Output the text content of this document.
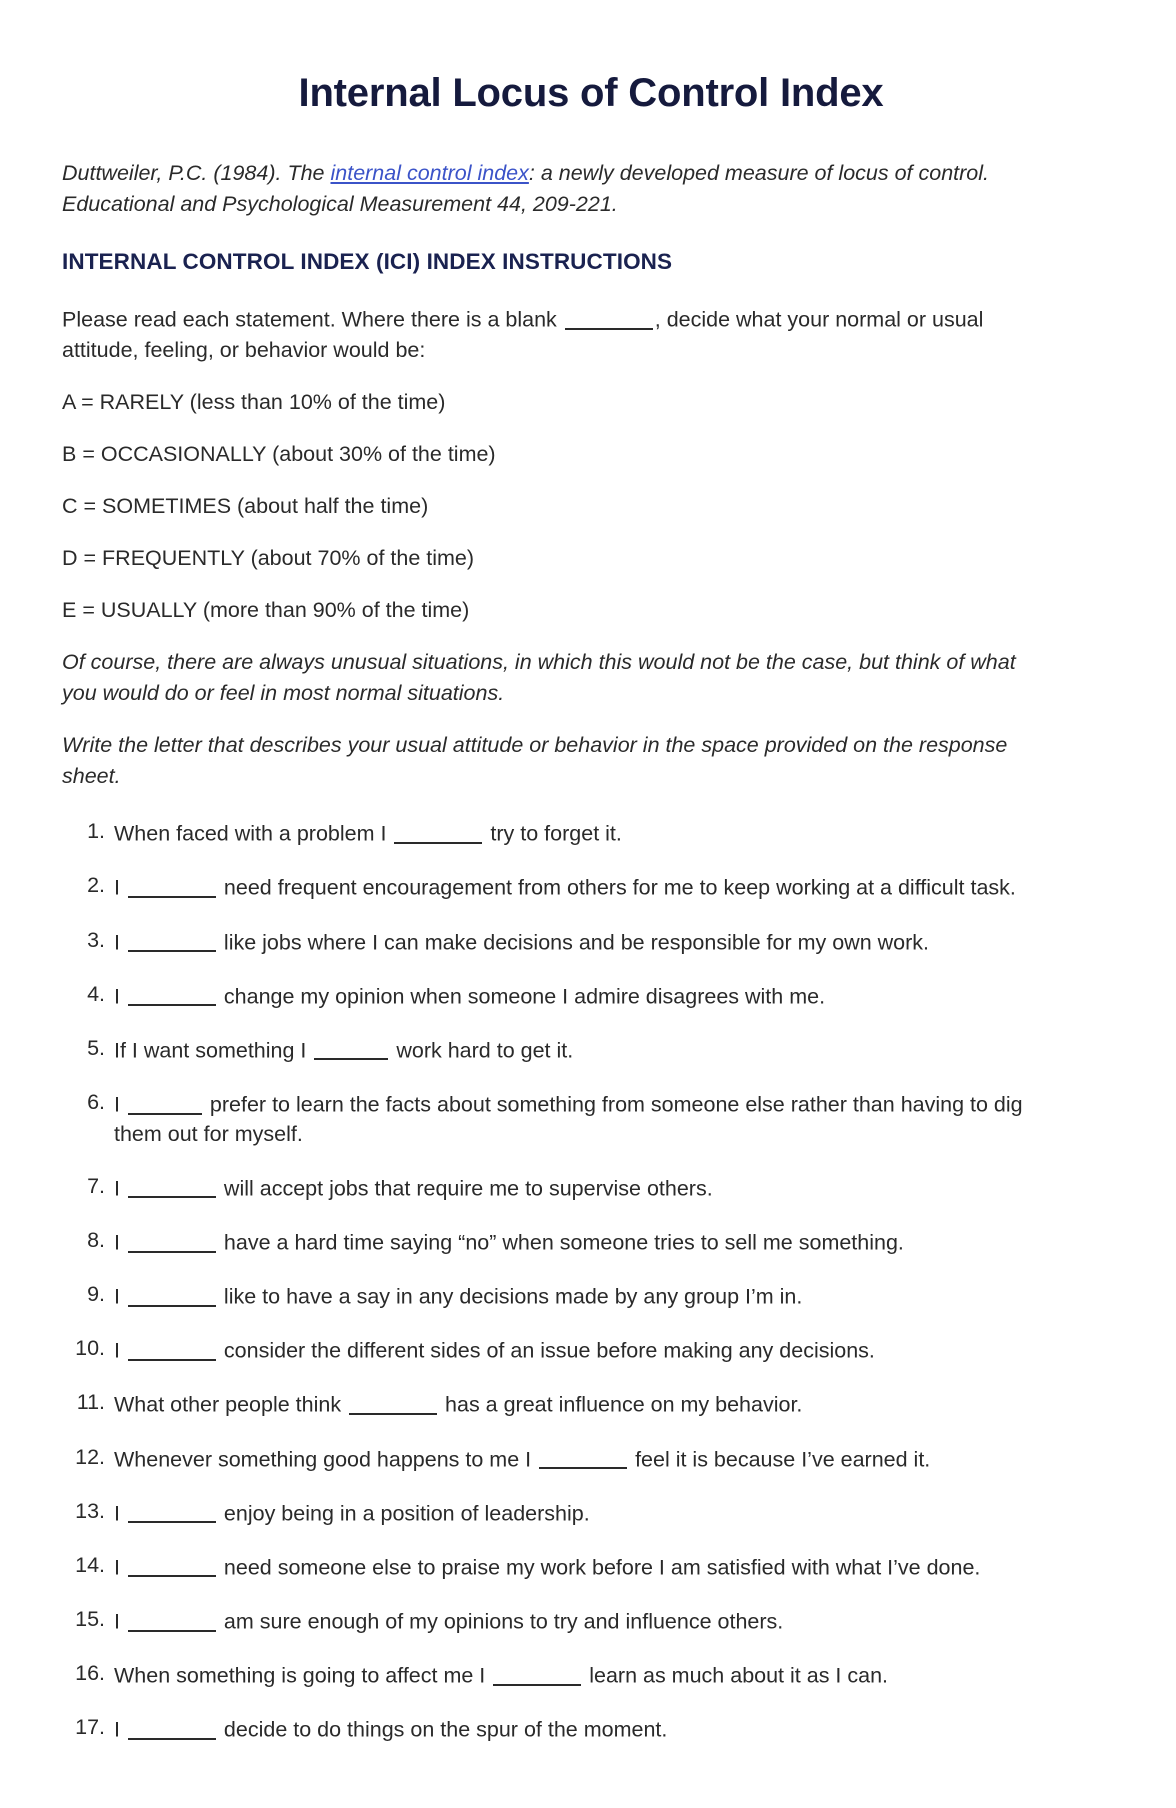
Internal Locus of Control Index

Duttweiler, P.C. (1984). The internal control index: a newly developed measure of locus of control. Educational and Psychological Measurement 44, 209-221.

INTERNAL CONTROL INDEX (ICI) INDEX INSTRUCTIONS

Please read each statement. Where there is a blank	, decide what your normal or usual attitude, feeling, or behavior would be:

A = RARELY (less than 10% of the time)
B = OCCASIONALLY (about 30% of the time)
C = SOMETIMES (about half the time)
D = FREQUENTLY (about 70% of the time)
E = USUALLY (more than 90% of the time)

Of course, there are always unusual situations, in which this would not be the case, but think of what you would do or feel in most normal situations.

Write the letter that describes your usual attitude or behavior in the space provided on the response sheet.

1. When faced with a problem I	try to forget it.
2. I	need frequent encouragement from others for me to keep working at a difficult task.
3. I	like jobs where I can make decisions and be responsible for my own work.
4. I	change my opinion when someone I admire disagrees with me.
5. If I want something I	work hard to get it.
6. I	prefer to learn the facts about something from someone else rather than having to dig them out for myself.
7. I	will accept jobs that require me to supervise others.
8. I	have a hard time saying “no” when someone tries to sell me something.
9. I	like to have a say in any decisions made by any group I’m in.
10. I	consider the different sides of an issue before making any decisions.
11. What other people think	has a great influence on my behavior.
12. Whenever something good happens to me I	feel it is because I’ve earned it.
13. I	enjoy being in a position of leadership.
14. I	need someone else to praise my work before I am satisfied with what I’ve done.
15. I	am sure enough of my opinions to try and influence others.
16. When something is going to affect me I	learn as much about it as I can.
17. I	decide to do things on the spur of the moment.
